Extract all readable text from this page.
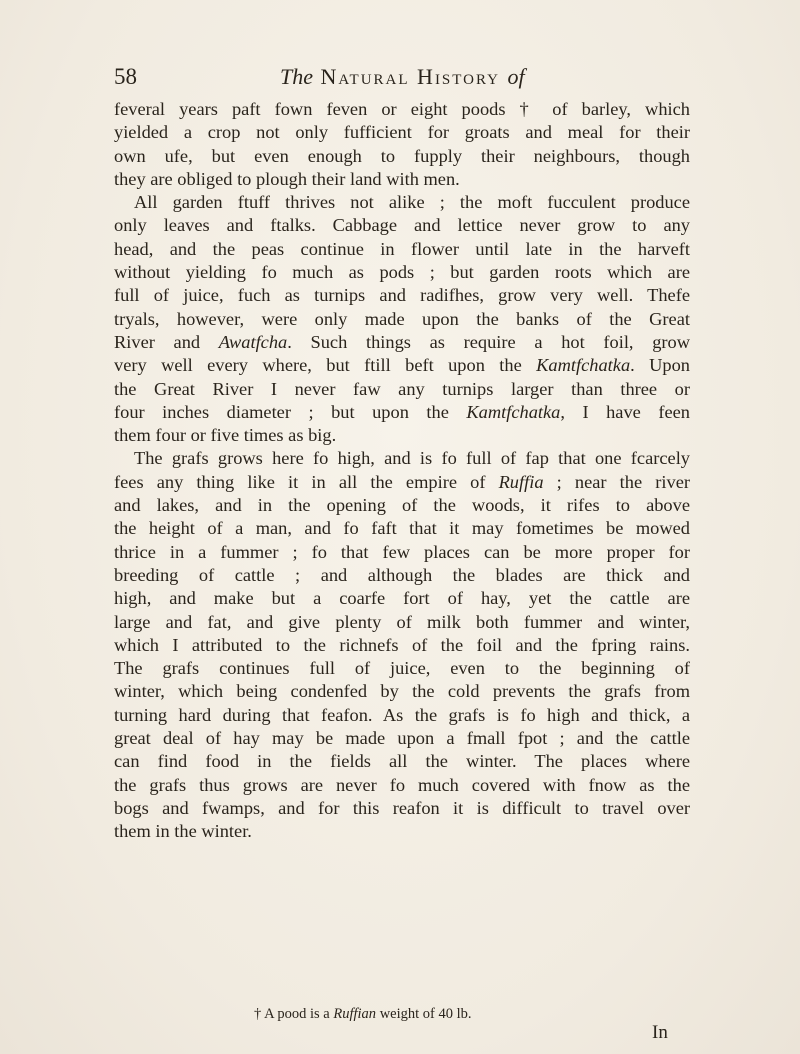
58	The Natural History of
feveral years paft fown feven or eight poods † of barley, which
yielded a crop not only fufficient for groats and meal for their
own ufe, but even enough to fupply their neighbours, though
they are obliged to plough their land with men.
All garden ftuff thrives not alike ; the moft fucculent produce
only leaves and ftalks. Cabbage and lettice never grow to any
head, and the peas continue in flower until late in the harveft
without yielding fo much as pods ; but garden roots which are
full of juice, fuch as turnips and radifhes, grow very well. Thefe
tryals, however, were only made upon the banks of the Great
River and Awatfcha. Such things as require a hot foil, grow
very well every where, but ftill beft upon the Kamtfchatka. Upon
the Great River I never faw any turnips larger than three or
four inches diameter ; but upon the Kamtfchatka, I have feen
them four or five times as big.
The grafs grows here fo high, and is fo full of fap that one fcarcely
fees any thing like it in all the empire of Ruffia ; near the river
and lakes, and in the opening of the woods, it rifes to above
the height of a man, and fo faft that it may fometimes be mowed
thrice in a fummer ; fo that few places can be more proper for
breeding of cattle ; and although the blades are thick and
high, and make but a coarfe fort of hay, yet the cattle are
large and fat, and give plenty of milk both fummer and winter,
which I attributed to the richnefs of the foil and the fpring rains.
The grafs continues full of juice, even to the beginning of
winter, which being condenfed by the cold prevents the grafs from
turning hard during that feafon. As the grafs is fo high and thick, a
great deal of hay may be made upon a fmall fpot ; and the cattle
can find food in the fields all the winter. The places where
the grafs thus grows are never fo much covered with fnow as the
bogs and fwamps, and for this reafon it is difficult to travel over
them in the winter.
† A pood is a Ruffian weight of 40 lb.
In
